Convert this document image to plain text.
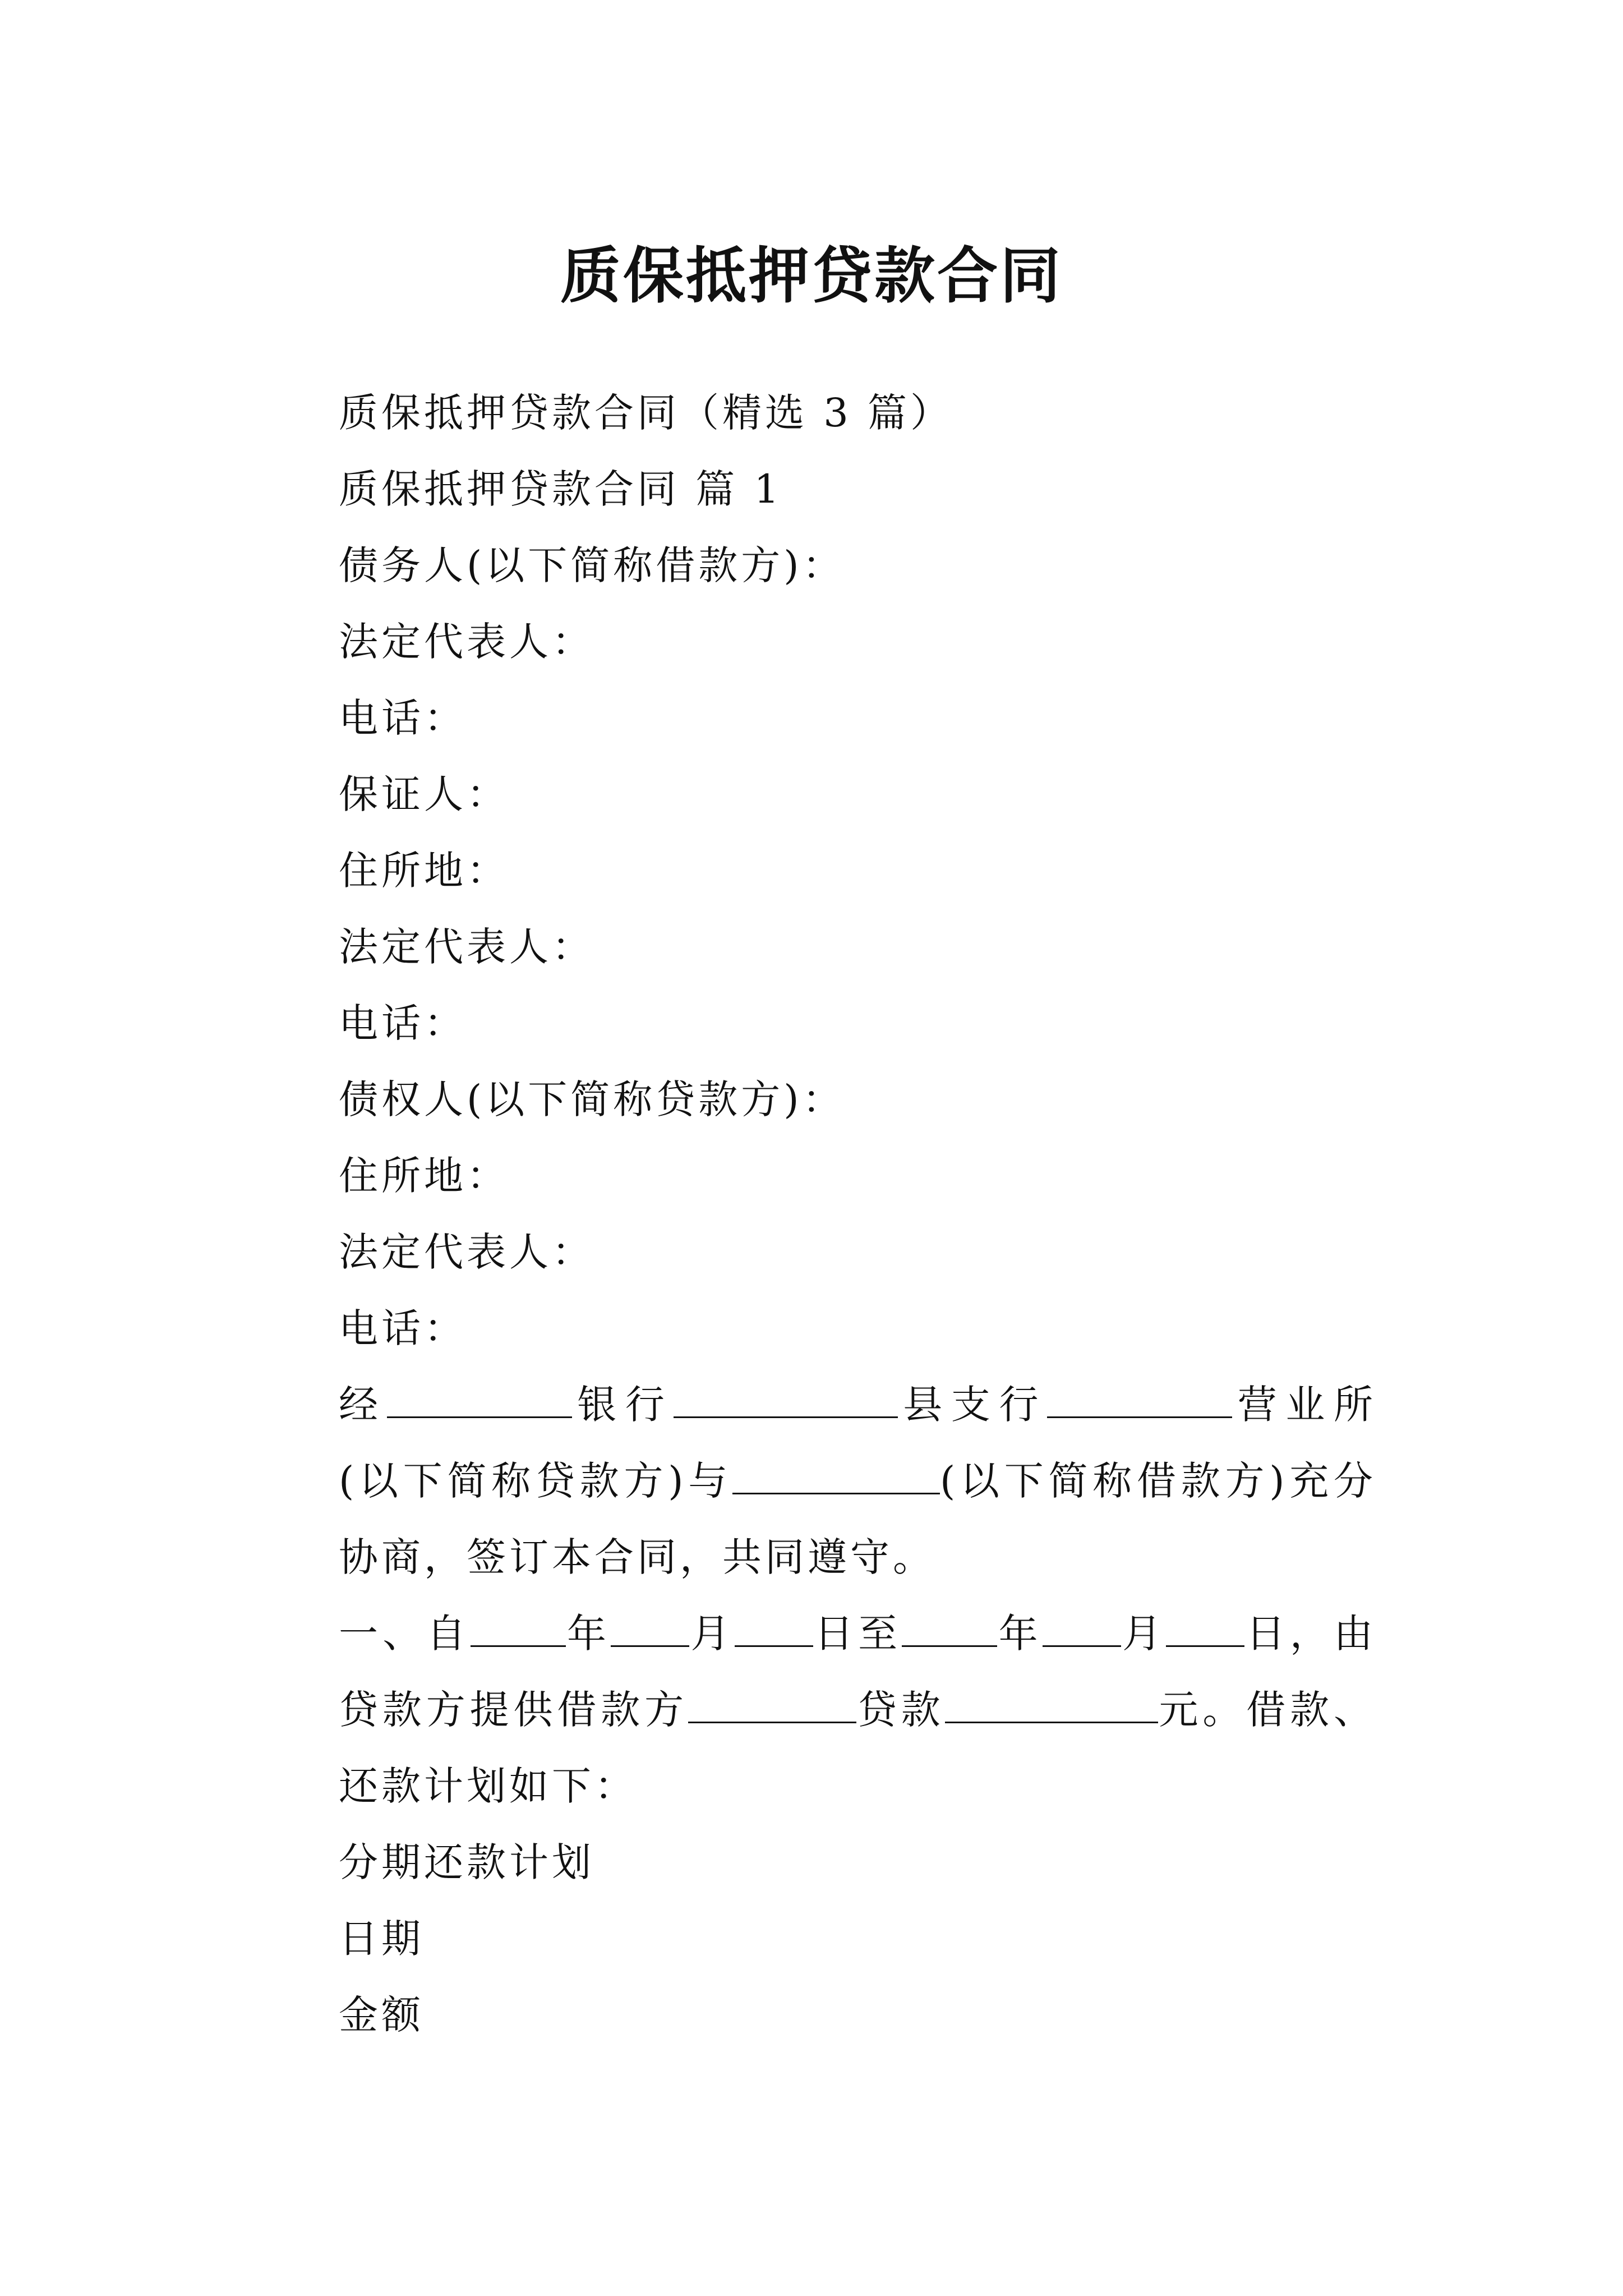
质保抵押贷款合同

质保抵押贷款合同（精选 3 篇）

质保抵押贷款合同 篇 1

债务人(以下简称借款方)：

法定代表人：

电话：

保证人：

住所地：

法定代表人：

电话：

债权人(以下简称贷款方)：

住所地：

法定代表人：

电话：

经	银行	县支行	营业所(以下简称贷款方)与	(以下简称借款方)充分协商，签订本合同，共同遵守。

一、自 年 月 日至 年 月 日，由贷款方提供借款方	贷款	元。借款、还款计划如下：

分期还款计划

日期

金额
